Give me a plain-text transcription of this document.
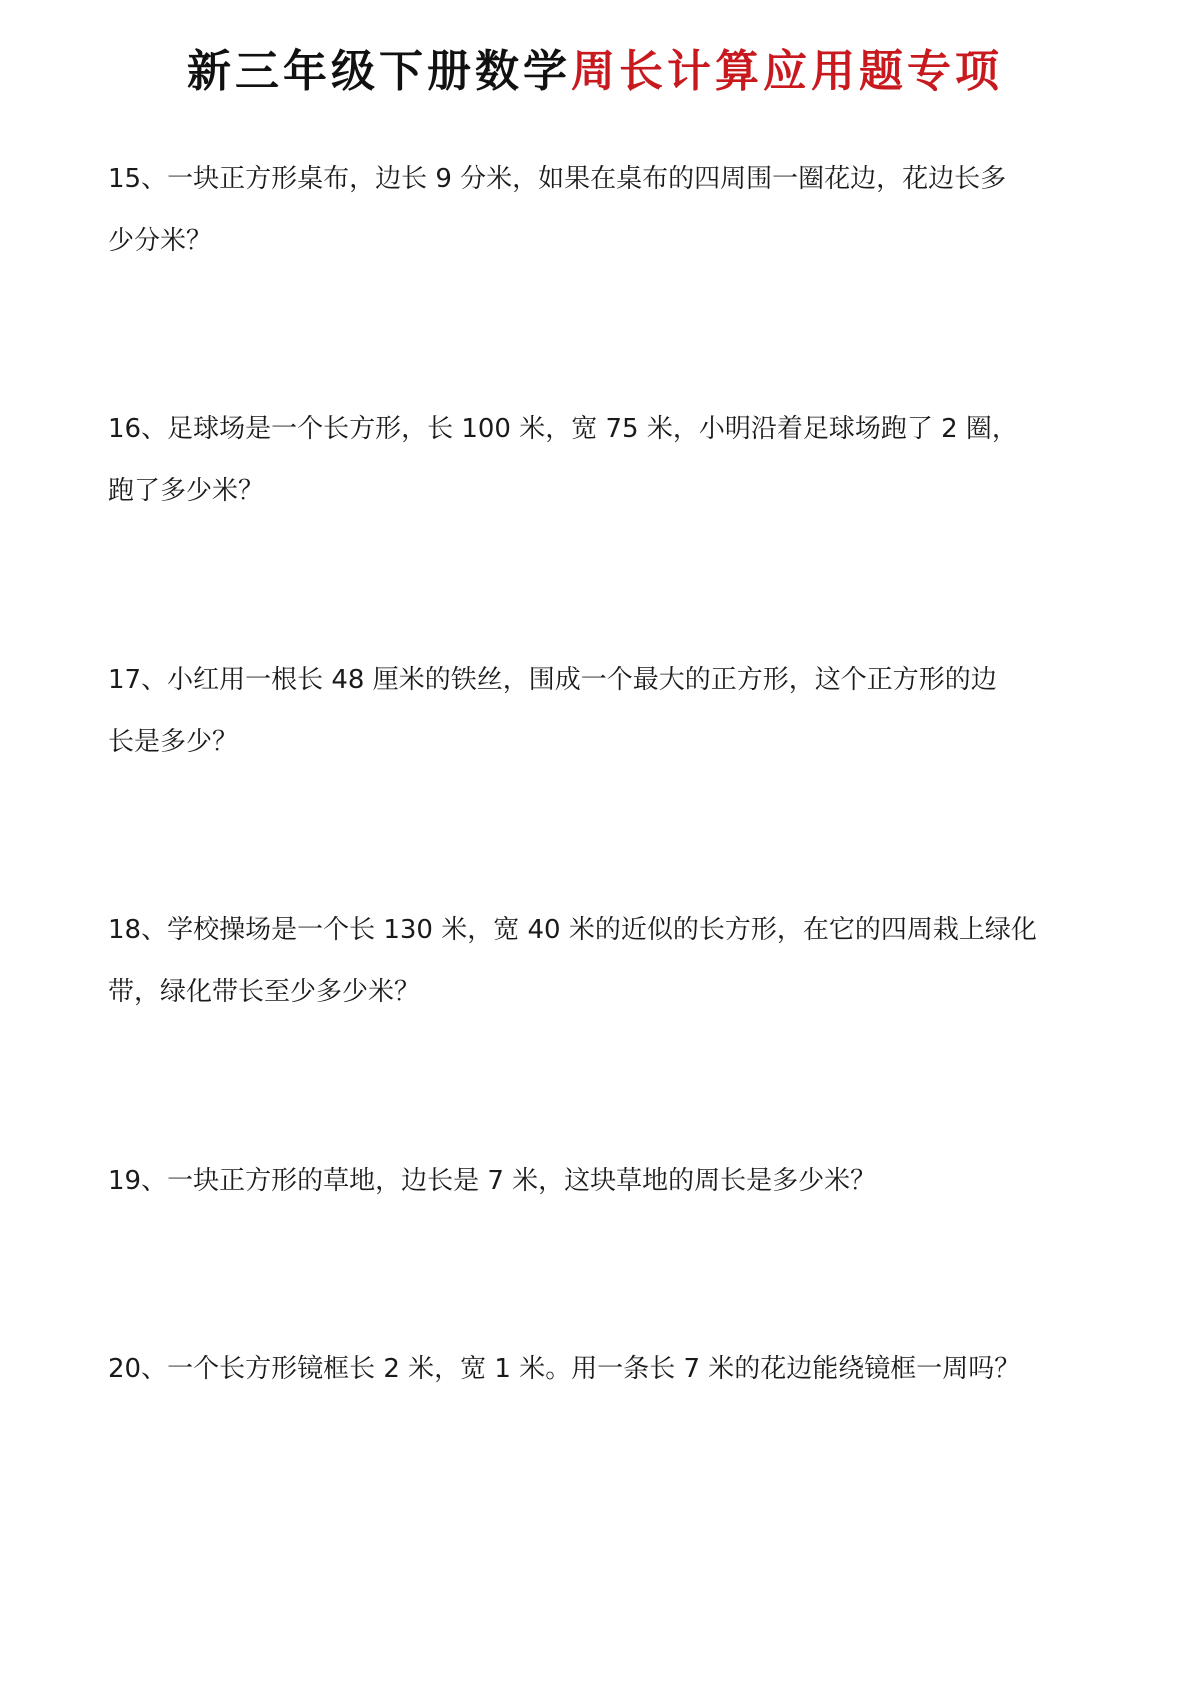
新三年级下册数学周长计算应用题专项

15、一块正方形桌布，边长 9 分米，如果在桌布的四周围一圈花边，花边长多
少分米？

16、足球场是一个长方形，长 100 米，宽 75 米，小明沿着足球场跑了 2 圈，
跑了多少米？

17、小红用一根长 48 厘米的铁丝，围成一个最大的正方形，这个正方形的边
长是多少？

18、学校操场是一个长 130 米，宽 40 米的近似的长方形，在它的四周栽上绿化
带，绿化带长至少多少米？

19、一块正方形的草地，边长是 7 米，这块草地的周长是多少米？

20、一个长方形镜框长 2 米，宽 1 米。用一条长 7 米的花边能绕镜框一周吗？
